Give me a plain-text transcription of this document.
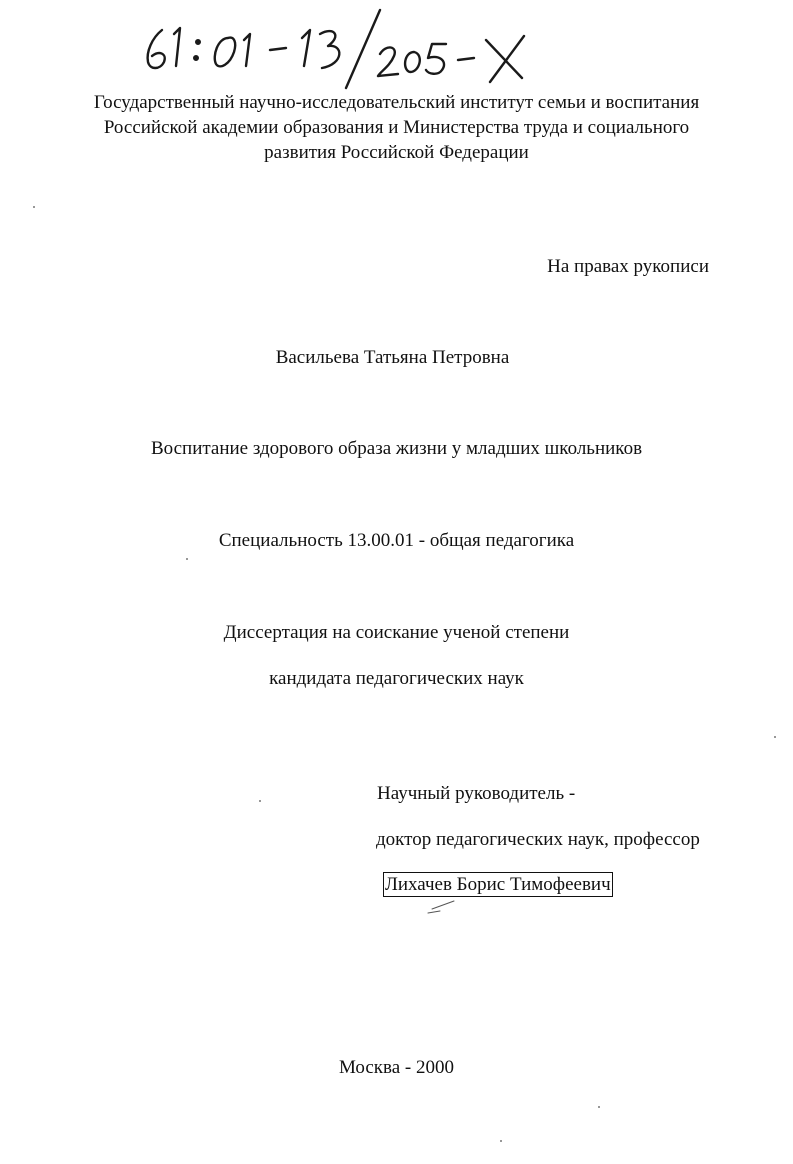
Государственный научно-исследовательский институт семьи и воспитания
Российской академии образования и Министерства труда и социального
развития Российской Федерации
На правах рукописи
Васильева Татьяна Петровна
Воспитание здорового образа жизни у младших школьников
Специальность 13.00.01 - общая педагогика
Диссертация на соискание ученой степени
кандидата педагогических наук
Научный руководитель -
доктор педагогических наук, профессор
Лихачев Борис Тимофеевич
Москва - 2000
